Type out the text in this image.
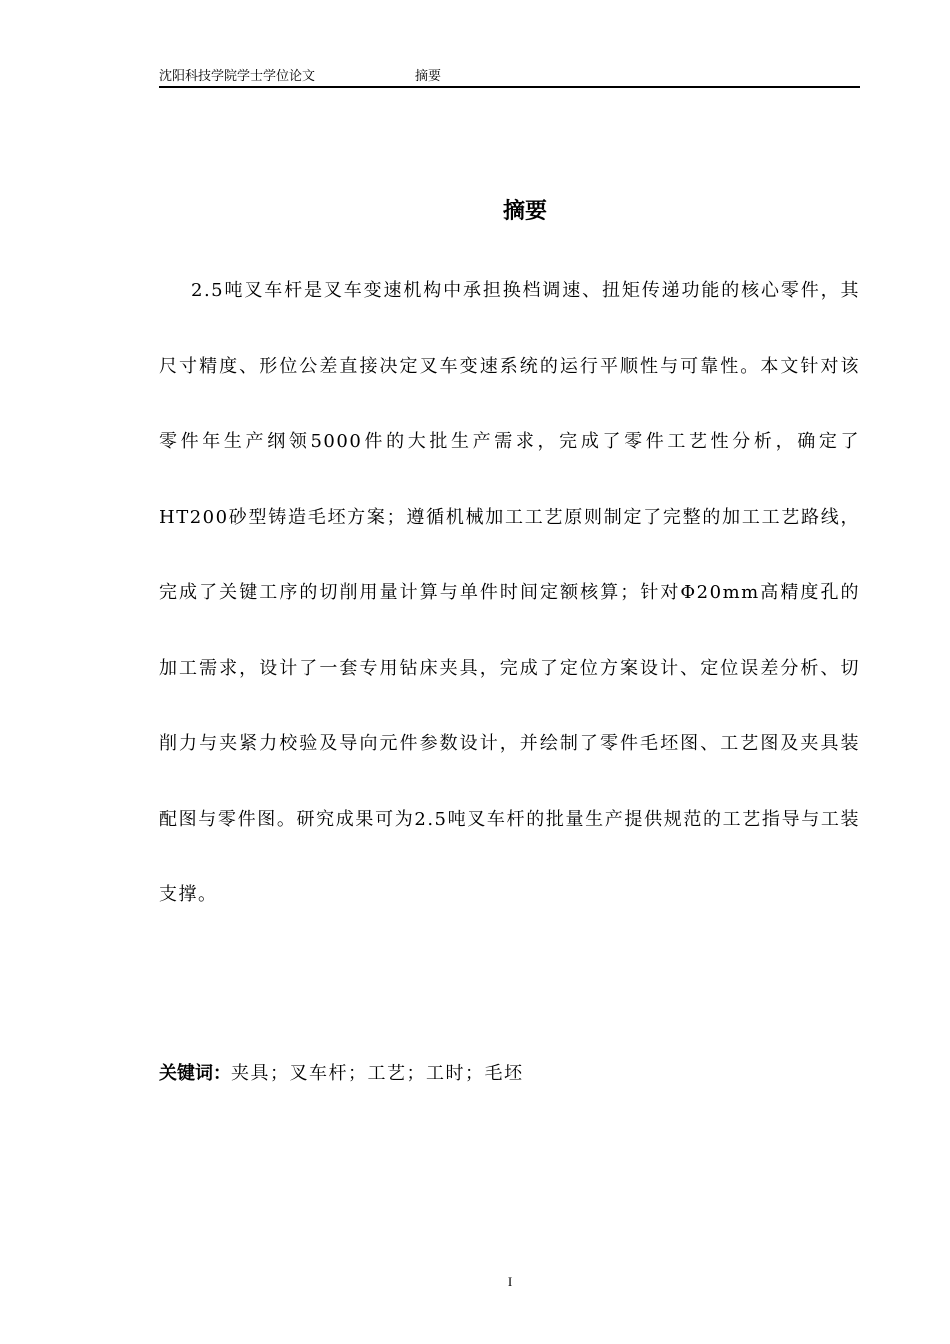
沈阳科技学院学士学位论文	摘要
摘要

2.5吨叉车杆是叉车变速机构中承担换档调速、扭矩传递功能的核心零件，其尺寸精度、形位公差直接决定叉车变速系统的运行平顺性与可靠性。本文针对该零件年生产纲领5000件的大批生产需求，完成了零件工艺性分析，确定了HT200砂型铸造毛坯方案；遵循机械加工工艺原则制定了完整的加工工艺路线，完成了关键工序的切削用量计算与单件时间定额核算；针对Φ20mm高精度孔的加工需求，设计了一套专用钻床夹具，完成了定位方案设计、定位误差分析、切削力与夹紧力校验及导向元件参数设计，并绘制了零件毛坯图、工艺图及夹具装配图与零件图。研究成果可为2.5吨叉车杆的批量生产提供规范的工艺指导与工装支撑。

关键词：夹具；叉车杆；工艺；工时；毛坯
I
